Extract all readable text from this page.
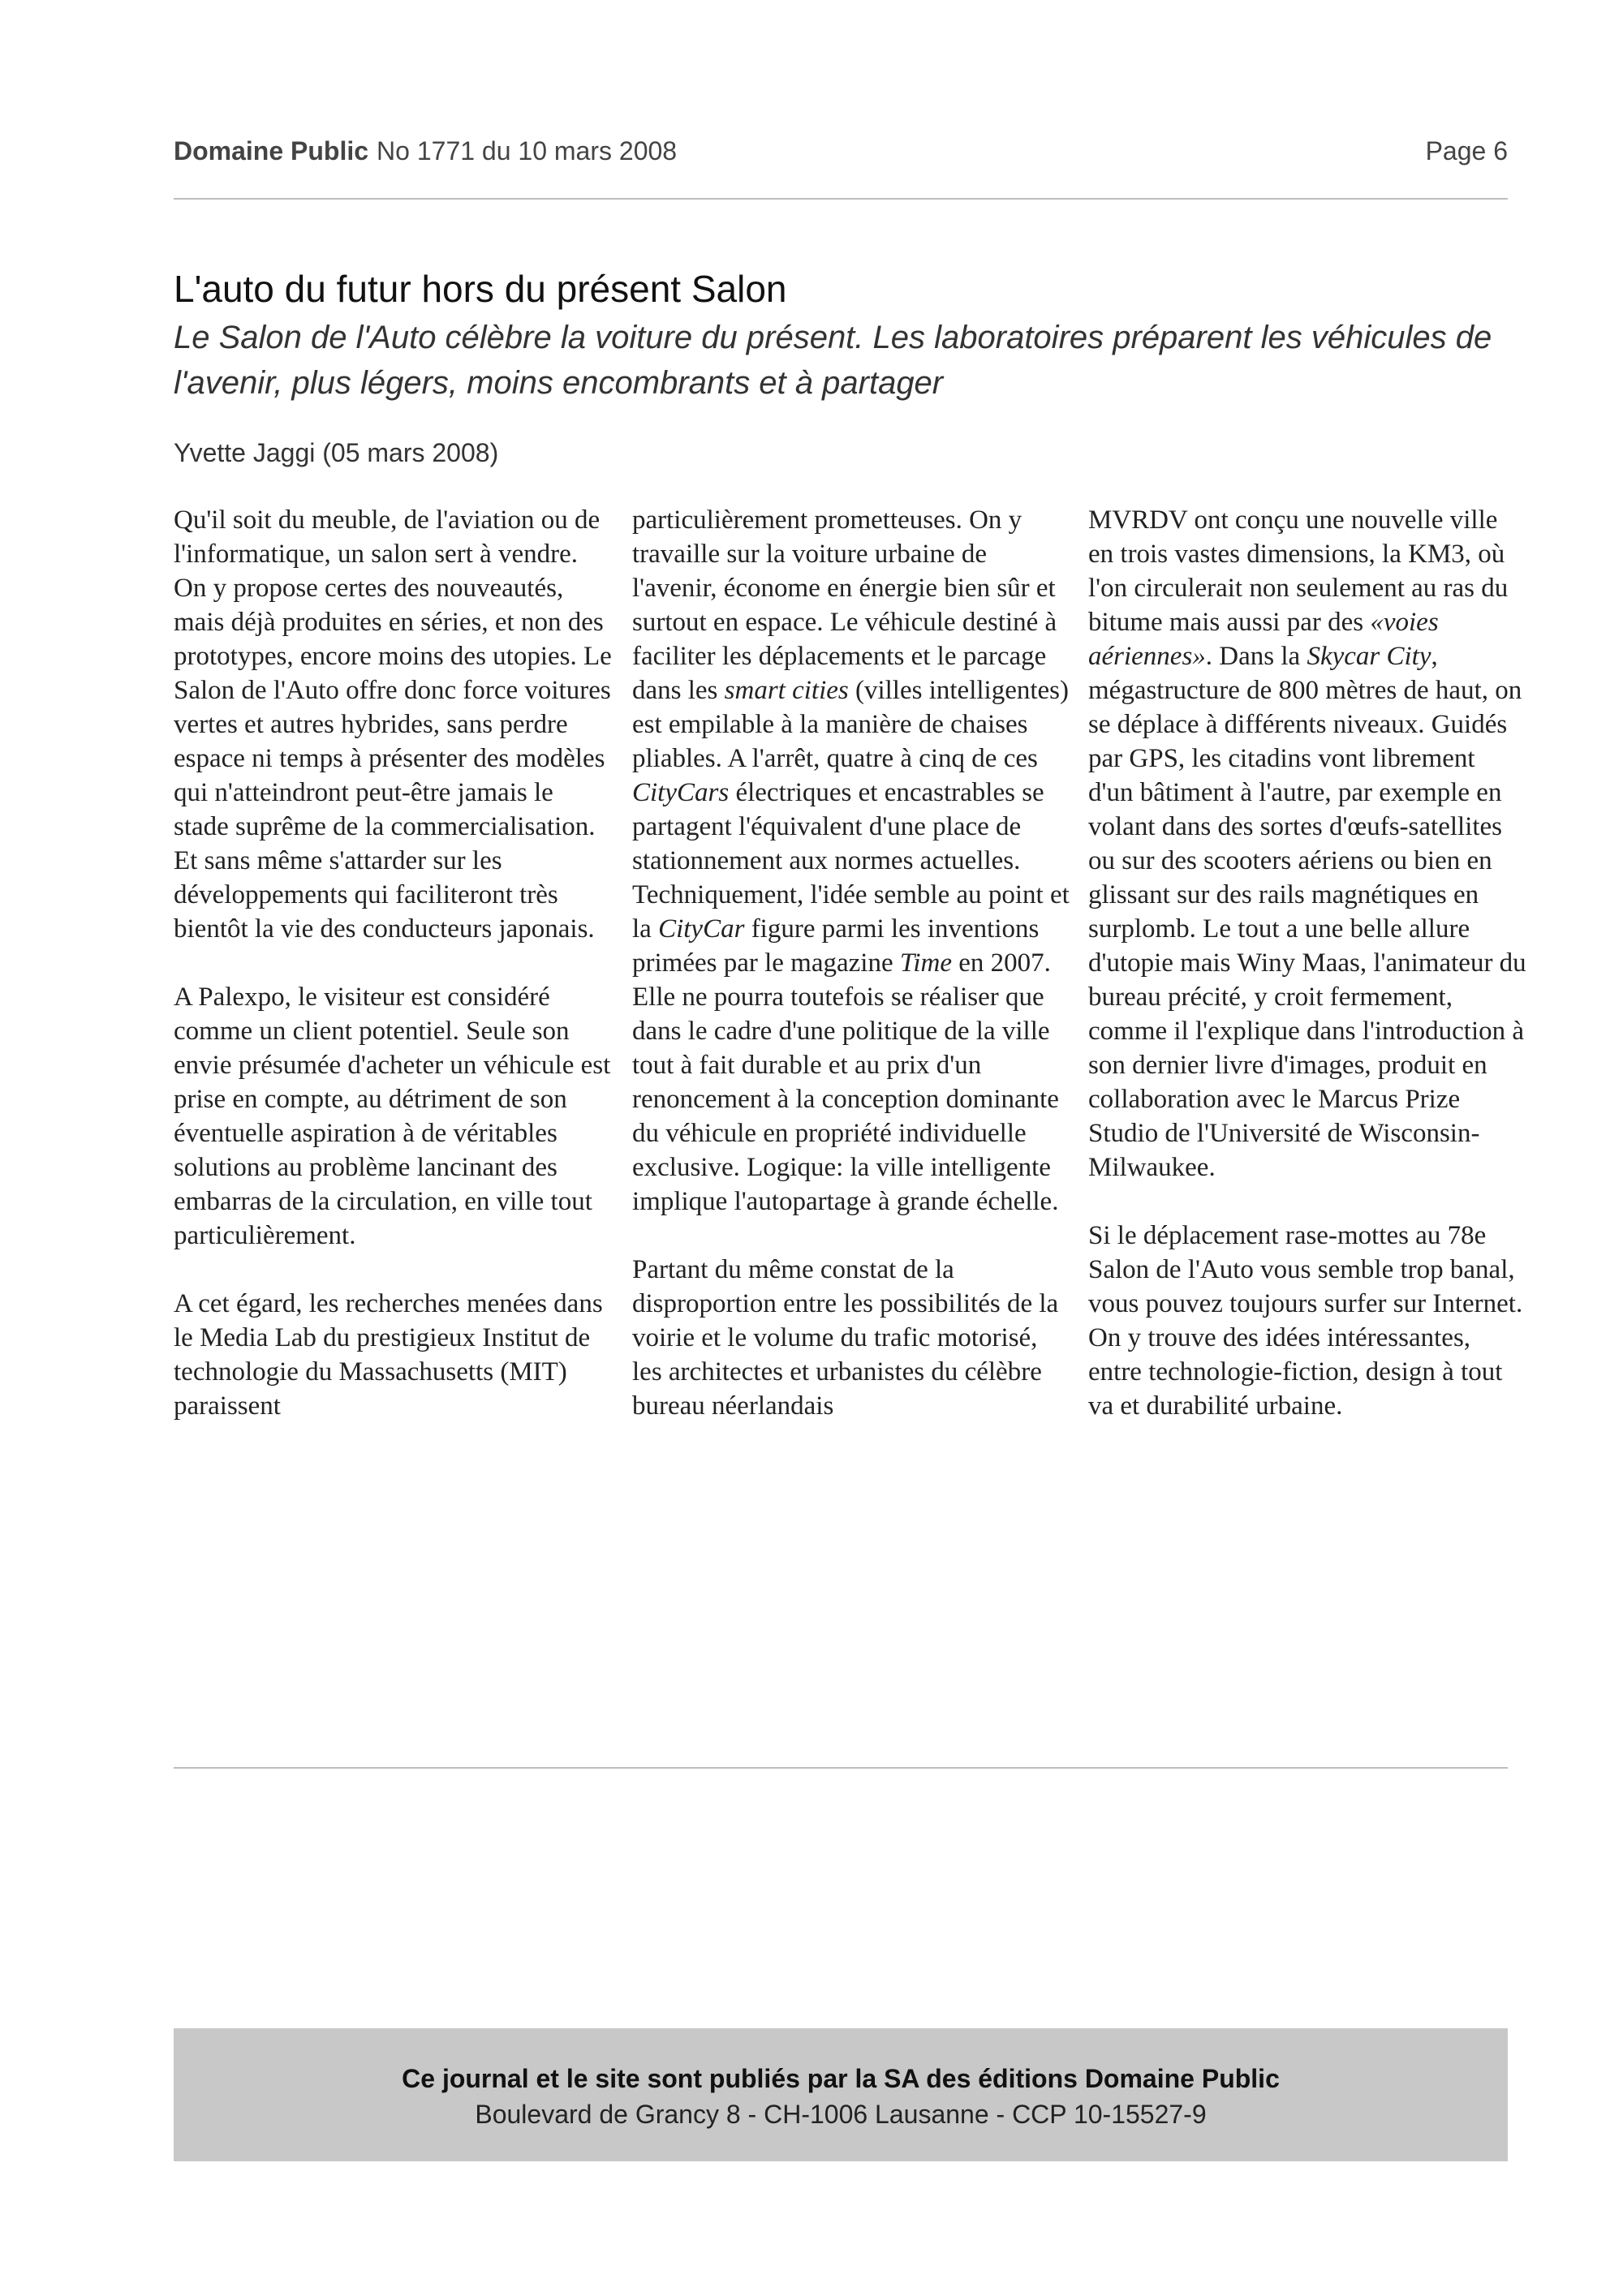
Domaine Public No 1771 du 10 mars 2008	Page 6
L'auto du futur hors du présent Salon
Le Salon de l'Auto célèbre la voiture du présent. Les laboratoires préparent les véhicules de l'avenir, plus légers, moins encombrants et à partager
Yvette Jaggi (05 mars 2008)

Qu'il soit du meuble, de l'aviation ou de l'informatique, un salon sert à vendre. On y propose certes des nouveautés, mais déjà produites en séries, et non des prototypes, encore moins des utopies. Le Salon de l'Auto offre donc force voitures vertes et autres hybrides, sans perdre espace ni temps à présenter des modèles qui n'atteindront peut-être jamais le stade suprême de la commercialisation. Et sans même s'attarder sur les développements qui faciliteront très bientôt la vie des conducteurs japonais.

A Palexpo, le visiteur est considéré comme un client potentiel. Seule son envie présumée d'acheter un véhicule est prise en compte, au détriment de son éventuelle aspiration à de véritables solutions au problème lancinant des embarras de la circulation, en ville tout particulièrement.

A cet égard, les recherches menées dans le Media Lab du prestigieux Institut de technologie du Massachusetts (MIT) paraissent

particulièrement prometteuses. On y travaille sur la voiture urbaine de l'avenir, économe en énergie bien sûr et surtout en espace. Le véhicule destiné à faciliter les déplacements et le parcage dans les smart cities (villes intelligentes) est empilable à la manière de chaises pliables. A l'arrêt, quatre à cinq de ces CityCars électriques et encastrables se partagent l'équivalent d'une place de stationnement aux normes actuelles. Techniquement, l'idée semble au point et la CityCar figure parmi les inventions primées par le magazine Time en 2007. Elle ne pourra toutefois se réaliser que dans le cadre d'une politique de la ville tout à fait durable et au prix d'un renoncement à la conception dominante du véhicule en propriété individuelle exclusive. Logique: la ville intelligente implique l'autopartage à grande échelle.

Partant du même constat de la disproportion entre les possibilités de la voirie et le volume du trafic motorisé, les architectes et urbanistes du célèbre bureau néerlandais

MVRDV ont conçu une nouvelle ville en trois vastes dimensions, la KM3, où l'on circulerait non seulement au ras du bitume mais aussi par des «voies aériennes». Dans la Skycar City, mégastructure de 800 mètres de haut, on se déplace à différents niveaux. Guidés par GPS, les citadins vont librement d'un bâtiment à l'autre, par exemple en volant dans des sortes d'œufs-satellites ou sur des scooters aériens ou bien en glissant sur des rails magnétiques en surplomb. Le tout a une belle allure d'utopie mais Winy Maas, l'animateur du bureau précité, y croit fermement, comme il l'explique dans l'introduction à son dernier livre d'images, produit en collaboration avec le Marcus Prize Studio de l'Université de Wisconsin-Milwaukee.

Si le déplacement rase-mottes au 78e Salon de l'Auto vous semble trop banal, vous pouvez toujours surfer sur Internet. On y trouve des idées intéressantes, entre technologie-fiction, design à tout va et durabilité urbaine.

Ce journal et le site sont publiés par la SA des éditions Domaine Public
Boulevard de Grancy 8 - CH-1006 Lausanne - CCP 10-15527-9
